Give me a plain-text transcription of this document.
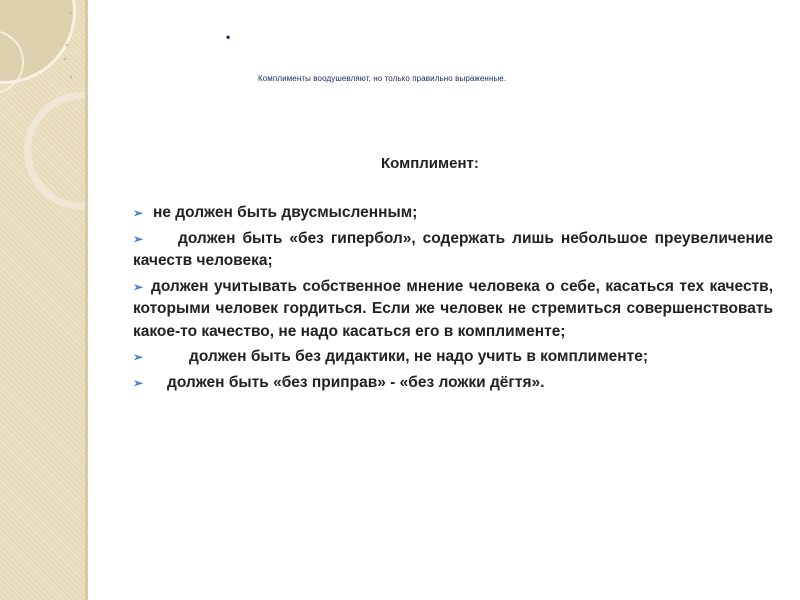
•
Комплименты воодушевляют, но только правильно выраженные.
Комплимент:
➢ не должен быть двусмысленным;
➢ должен быть «без гипербол», содержать лишь небольшое преувеличение качеств человека;
➢ должен учитывать собственное мнение человека о себе, касаться тех качеств, которыми человек гордиться. Если же человек не стремиться совершенствовать какое-то качество, не надо касаться его в комплименте;
➢	должен быть без дидактики, не надо учить в комплименте;
➢ должен быть «без приправ» - «без ложки дёгтя».
